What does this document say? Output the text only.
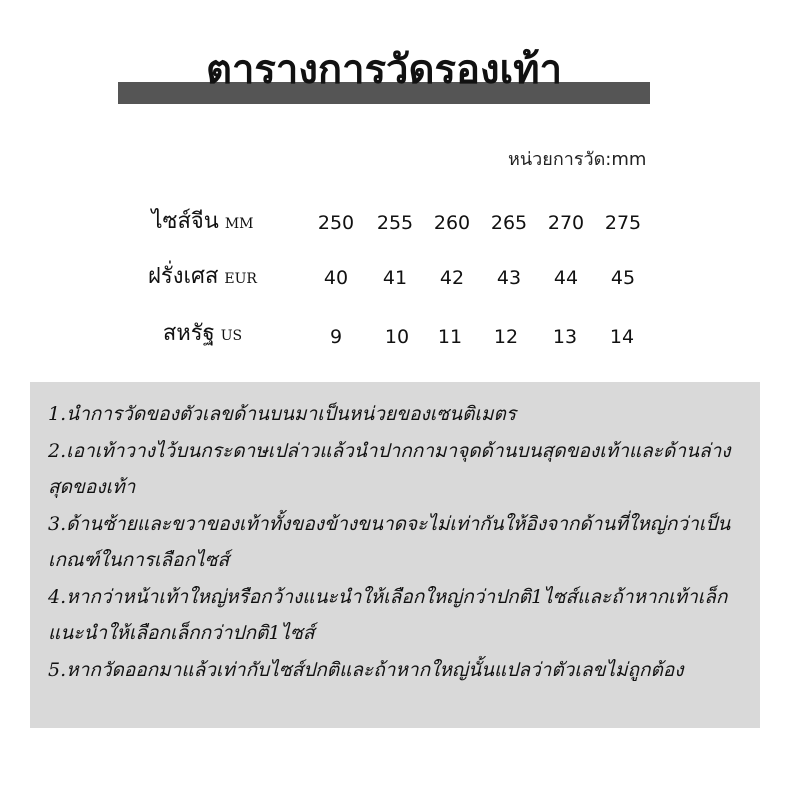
ตารางการวัดรองเท้า
หน่วยการวัด:mm
ไซส์จีน MM	250	255	260	265	270	275
ฝรั่งเศส EUR	40	41	42	43	44	45
สหรัฐ US	9	10	11	12	13	14
1.นำการวัดของตัวเลขด้านบนมาเป็นหน่วยของเซนติเมตร
2.เอาเท้าวางไว้บนกระดาษเปล่าวแล้วนำปากกามาจุดด้านบนสุดของเท้าและด้านล่างสุดของเท้า
3.ด้านซ้ายและขวาของเท้าทั้งของข้างขนาดจะไม่เท่ากันให้อิงจากด้านที่ใหญ่กว่าเป็นเกณฑ์ในการเลือกไซส์
4.หากว่าหน้าเท้าใหญ่หรือกว้างแนะนำให้เลือกใหญ่กว่าปกติ1ไซส์และถ้าหากเท้าเล็กแนะนำให้เลือกเล็กกว่าปกติ1ไซส์
5.หากวัดออกมาแล้วเท่ากับไซส์ปกติและถ้าหากใหญ่นั้นแปลว่าตัวเลขไม่ถูกต้อง
